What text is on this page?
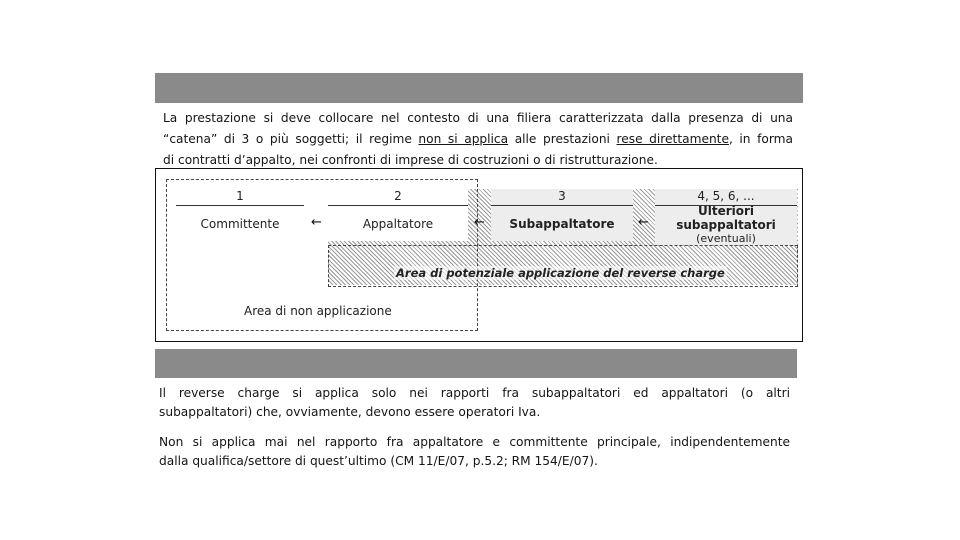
La prestazione si deve collocare nel contesto di una filiera caratterizzata dalla presenza di una

“catena” di 3 o più soggetti; il regime non si applica alle prestazioni rese direttamente, in forma

di contratti d’appalto, nei confronti di imprese di costruzioni o di ristrutturazione.

1
Committente	←
2
Appaltatore	←
3
Subappaltatore	←
4, 5, 6, ...
Ulteriori
subappaltatori
(eventuali)
Area di potenziale applicazione del reverse charge
Area di non applicazione

Il reverse charge si applica solo nei rapporti fra subappaltatori ed appaltatori (o altri

subappaltatori) che, ovviamente, devono essere operatori Iva.

Non si applica mai nel rapporto fra appaltatore e committente principale, indipendentemente

dalla qualifica/settore di quest’ultimo (CM 11/E/07, p.5.2; RM 154/E/07).
